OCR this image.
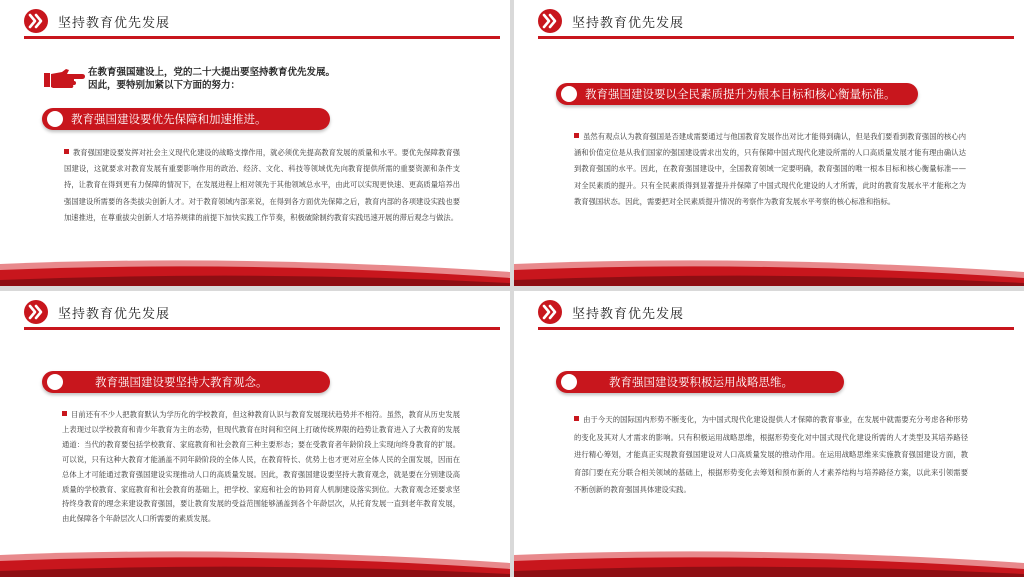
坚持教育优先发展
在教育强国建设上，党的二十大提出要坚持教育优先发展。
因此，要特别加紧以下方面的努力：
教育强国建设要优先保障和加速推进。
教育强国建设要发挥对社会主义现代化建设的战略支撑作用，就必须优先提高教育发展的质量和水平。要优先保障教育强国建设，这就要求对教育发展有重要影响作用的政治、经济、文化、科技等领域优先向教育提供所需的重要资源和条件支持，让教育在得到更有力保障的情况下，在发展进程上相对领先于其他领域总水平，由此可以实现更快速、更高质量培养出强国建设所需要的各类拔尖创新人才。对于教育领域内部来说，在得到各方面优先保障之后，教育内部的各项建设实践也要加速推进，在尊重拔尖创新人才培养规律的前提下加快实践工作节奏，积极破除制约教育实践迅速开展的滞后观念与做法。
坚持教育优先发展
教育强国建设要以全民素质提升为根本目标和核心衡量标准。
虽然有观点认为教育强国是否建成需要通过与他国教育发展作出对比才能得到确认，但是我们要看到教育强国的核心内涵和价值定位是从我们国家的强国建设需求出发的，只有保障中国式现代化建设所需的人口高质量发展才能有理由确认达到教育强国的水平。因此，在教育强国建设中，全国教育领域一定要明确，教育强国的唯一根本目标和核心衡量标准——对全民素质的提升。只有全民素质得到显著提升并保障了中国式现代化建设的人才所需，此时的教育发展水平才能称之为教育强国状态。因此，需要把对全民素质提升情况的考察作为教育发展水平考察的核心标准和指标。
坚持教育优先发展
教育强国建设要坚持大教育观念。
目前还有不少人把教育默认为学历化的学校教育，但这种教育认识与教育发展现状趋势并不相符。虽然，教育从历史发展上表现过以学校教育和青少年教育为主的态势，但现代教育在时间和空间上打破传统界限的趋势让教育进入了大教育的发展通道：当代的教育要包括学校教育、家庭教育和社会教育三种主要形态；要在受教育者年龄阶段上实现向终身教育的扩展。可以说，只有这种大教育才能涵盖不同年龄阶段的全体人民，在教育特长、优势上也才更对应全体人民的全面发展，因而在总体上才可能通过教育强国建设实现推动人口的高质量发展。因此，教育强国建设要坚持大教育观念，就是要在分别建设高质量的学校教育、家庭教育和社会教育的基础上，把学校、家庭和社会的协同育人机制建设落实到位。大教育观念还要求坚持终身教育的理念来建设教育强国，要让教育发展的受益范围能够涵盖到各个年龄层次，从托育发展一直到老年教育发展，由此保障各个年龄层次人口所需要的素质发展。
坚持教育优先发展
教育强国建设要积极运用战略思维。
由于今天的国际国内形势不断变化，为中国式现代化建设提供人才保障的教育事业，在发展中就需要充分考虑各种形势的变化及其对人才需求的影响。只有积极运用战略思维，根据形势变化对中国式现代化建设所需的人才类型及其培养路径进行精心筹划，才能真正实现教育强国建设对人口高质量发展的推动作用。在运用战略思维来实施教育强国建设方面，教育部门要在充分联合相关领域的基础上，根据形势变化去筹划和预布新的人才素养结构与培养路径方案，以此来引领需要不断创新的教育强国具体建设实践。
